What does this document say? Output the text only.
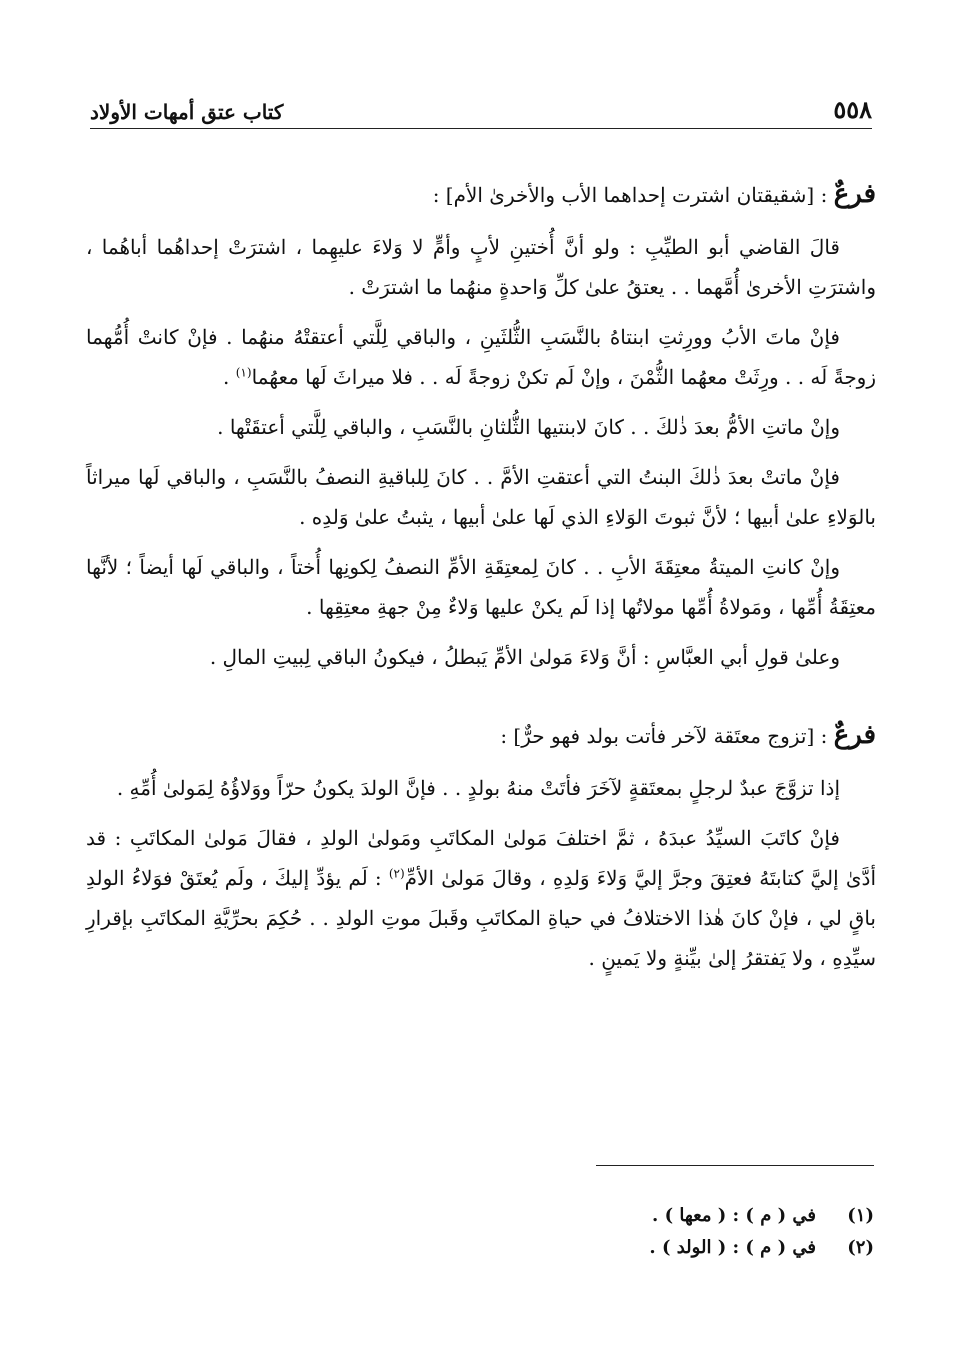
٥٥٨
كتاب عتق أمهات الأولاد
فرعٌ : [شقيقتان اشترت إحداهما الأب والأخرىٰ الأم] :

قالَ القاضي أبو الطيِّبِ : ولو أنَّ أُختينِ لأبٍ وأمٍّ لا وَلاءَ عليهِما ، اشترَتْ إحداهُما أباهُما ، واشترَتِ الأخرىٰ أُمَّهما . . يعتقُ علىٰ كلِّ وَاحدةٍ منهُما ما اشترَتْ .

فإنْ ماتَ الأبُ وورِثتِ ابنتاهُ بالنَّسَبِ الثُّلثَينِ ، والباقي لِلَّتي أعتقتْهُ منهُما . فإنْ كانتْ أُمُّهما زوجةً لَه . . ورِثَتْ معهُما الثُّمْنَ ، وإنْ لَم تكنْ زوجةً لَه . . فلا ميراثَ لَها معهُما$^{(١)}$ .

وإنْ ماتتِ الأمُّ بعدَ ذٰلكَ . . كانَ لابنتيها الثُّلثانِ بالنَّسَبِ ، والباقي لِلَّتي أعتقَتْها .

فإنْ ماتتْ بعدَ ذٰلكَ البنتُ التي أعتقتِ الأمَّ . . كانَ لِلباقيةِ النصفُ بالنَّسَبِ ، والباقي لَها ميراثاً بالوَلاءِ علىٰ أبيها ؛ لأنَّ ثبوتَ الوَلاءِ الذي لَها علىٰ أبيها ، يثبتُ علىٰ وَلدِه .

وإنْ كانتِ الميتةُ معتِقَةَ الأبِ . . كانَ لِمعتِقَةِ الأمِّ النصفُ لِكونِها أُختاً ، والباقي لَها أيضاً ؛ لأنَّها معتِقَةُ أُمِّها ، ومَولاةُ أُمِّها مولاتُها إذا لَم يكنْ عليها وَلاءٌ مِنْ جهةِ معتِقِها .

وعلىٰ قولِ أبي العبَّاسِ : أنَّ وَلاءَ مَولىٰ الأمِّ يَبطلُ ، فيكونُ الباقي لِبيتِ المالِ .

فرعٌ : [تزوج معتَقة لآخر فأتت بولد فهو حرٌّ] :

إذا تزوَّجَ عبدٌ لرجلٍ بمعتَقةٍ لآخَرَ فأتَتْ منهُ بولدٍ . . فإنَّ الولدَ يكونُ حرّاً ووَلاؤُهُ لِمَولىٰ أُمِّهِ .

فإنْ كاتَبَ السيِّدُ عبدَهُ ، ثمَّ اختلفَ مَولىٰ المكاتَبِ ومَولىٰ الولدِ ، فقالَ مَولىٰ المكاتَبِ : قد أدَّىٰ إليَّ كتابتَهُ فعتِقَ وجرَّ إليَّ وَلاءَ وَلدِهِ ، وقالَ مَولىٰ الأمِّ$^{(٢)}$ : لَم يؤدِّ إليكَ ، ولَم يُعتَقْ فوَلاءُ الولدِ باقٍ لي ، فإنْ كانَ هٰذا الاختلافُ في حياةِ المكاتَبِ وقَبلَ موتِ الولدِ . . حُكِمَ بحرِّيَّةِ المكاتَبِ بإقرارِ سيِّدِهِ ، ولا يَفتقرُ إلىٰ بيِّنةٍ ولا يَمينٍ .

(١)
في ( م ) : ( معها ) .
(٢)
في ( م ) : ( الولد ) .
